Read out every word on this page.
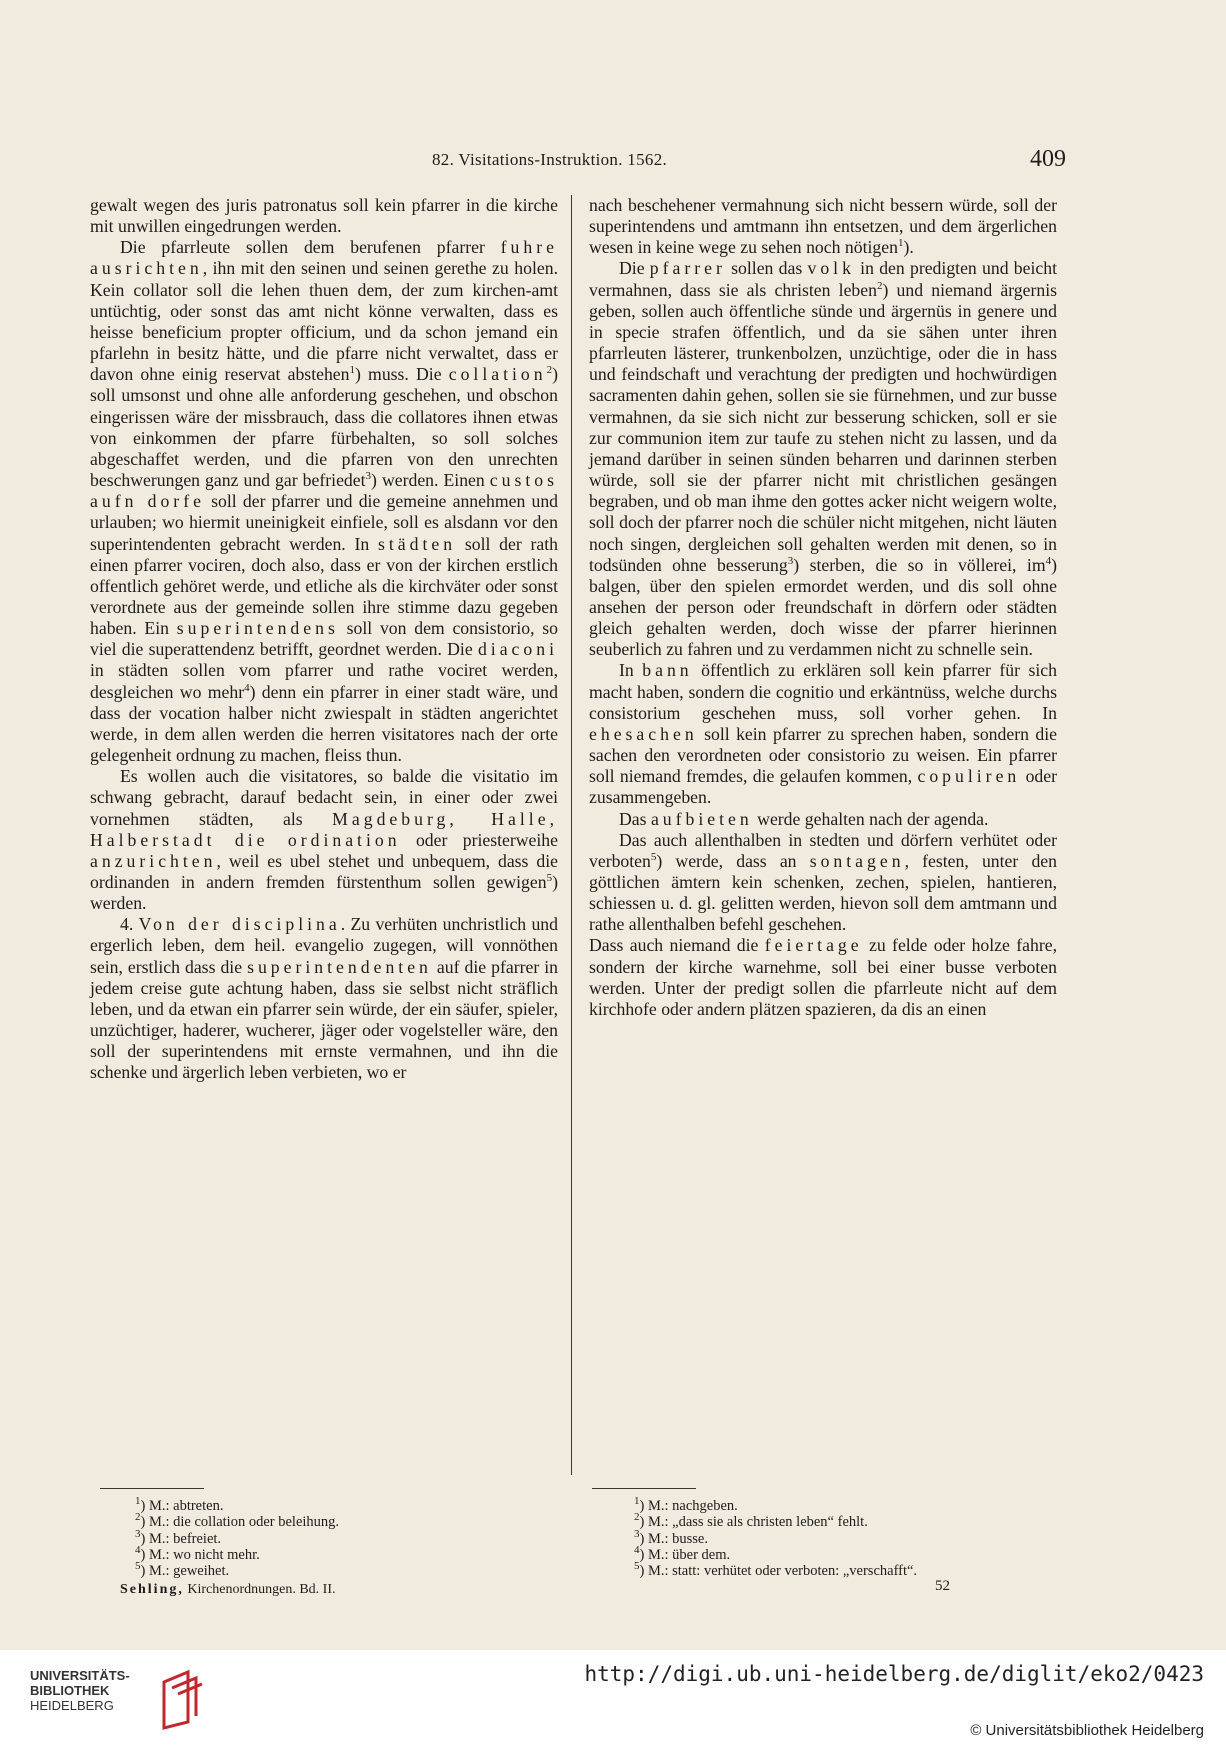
82. Visitations-Instruktion. 1562.	409

gewalt wegen des juris patronatus soll kein pfarrer in die kirche mit unwillen eingedrungen werden.

Die pfarrleute sollen dem berufenen pfarrer fuhre ausrichten, ihn mit den seinen und seinen gerethe zu holen. Kein collator soll die lehen thuen dem, der zum kirchen-amt untüchtig, oder sonst das amt nicht könne verwalten, dass es heisse beneficium propter officium, und da schon jemand ein pfarlehn in besitz hätte, und die pfarre nicht verwaltet, dass er davon ohne einig reservat abstehen$^1$) muss. Die collation$^2$) soll umsonst und ohne alle anforderung geschehen, und obschon eingerissen wäre der missbrauch, dass die collatores ihnen etwas von einkommen der pfarre fürbehalten, so soll solches abgeschaffet werden, und die pfarren von den unrechten beschwerungen ganz und gar befriedet$^3$) werden. Einen custos aufn dorfe soll der pfarrer und die gemeine annehmen und urlauben; wo hiermit uneinigkeit einfiele, soll es alsdann vor den superintendenten gebracht werden. In städten soll der rath einen pfarrer vociren, doch also, dass er von der kirchen erstlich offentlich gehöret werde, und etliche als die kirchväter oder sonst verordnete aus der gemeinde sollen ihre stimme dazu gegeben haben. Ein superintendens soll von dem consistorio, so viel die superattendenz betrifft, geordnet werden. Die diaconi in städten sollen vom pfarrer und rathe vociret werden, desgleichen wo mehr$^4$) denn ein pfarrer in einer stadt wäre, und dass der vocation halber nicht zwiespalt in städten angerichtet werde, in dem allen werden die herren visitatores nach der orte gelegenheit ordnung zu machen, fleiss thun.

Es wollen auch die visitatores, so balde die visitatio im schwang gebracht, darauf bedacht sein, in einer oder zwei vornehmen städten, als Magdeburg, Halle, Halberstadt die ordination oder priesterweihe anzurichten, weil es ubel stehet und unbequem, dass die ordinanden in andern fremden fürstenthum sollen gewigen$^5$) werden.

4. Von der disciplina. Zu verhüten unchristlich und ergerlich leben, dem heil. evangelio zugegen, will vonnöthen sein, erstlich dass die superintendenten auf die pfarrer in jedem creise gute achtung haben, dass sie selbst nicht sträflich leben, und da etwan ein pfarrer sein würde, der ein säufer, spieler, unzüchtiger, haderer, wucherer, jäger oder vogelsteller wäre, den soll der superintendens mit ernste vermahnen, und ihn die schenke und ärgerlich leben verbieten, wo er

nach beschehener vermahnung sich nicht bessern würde, soll der superintendens und amtmann ihn entsetzen, und dem ärgerlichen wesen in keine wege zu sehen noch nötigen$^1$).

Die pfarrer sollen das volk in den predigten und beicht vermahnen, dass sie als christen leben$^2$) und niemand ärgernis geben, sollen auch öffentliche sünde und ärgernüs in genere und in specie strafen öffentlich, und da sie sähen unter ihren pfarrleuten lästerer, trunkenbolzen, unzüchtige, oder die in hass und feindschaft und verachtung der predigten und hochwürdigen sacramenten dahin gehen, sollen sie sie fürnehmen, und zur busse vermahnen, da sie sich nicht zur besserung schicken, soll er sie zur communion item zur taufe zu stehen nicht zu lassen, und da jemand darüber in seinen sünden beharren und darinnen sterben würde, soll sie der pfarrer nicht mit christlichen gesängen begraben, und ob man ihme den gottes acker nicht weigern wolte, soll doch der pfarrer noch die schüler nicht mitgehen, nicht läuten noch singen, dergleichen soll gehalten werden mit denen, so in todsünden ohne besserung$^3$) sterben, die so in völlerei, $im^4$) balgen, über den spielen ermordet werden, und dis soll ohne ansehen der person oder freundschaft in dörfern oder städten gleich gehalten werden, doch wisse der pfarrer hierinnen seuberlich zu fahren und zu verdammen nicht zu schnelle sein.

In bann öffentlich zu erklären soll kein pfarrer für sich macht haben, sondern die cognitio und erkäntnüss, welche durchs consistorium geschehen muss, soll vorher gehen. In ehesachen soll kein pfarrer zu sprechen haben, sondern die sachen den verordneten oder consistorio zu weisen. Ein pfarrer soll niemand fremdes, die gelaufen kommen, copuliren oder zusammengeben.

Das aufbieten werde gehalten nach der agenda.

Das auch allenthalben in stedten und dörfern verhütet oder verboten$^5$) werde, dass an sontagen, festen, unter den göttlichen ämtern kein schenken, zechen, spielen, hantieren, schiessen u. d. gl. gelitten werden, hievon soll dem amtmann und rathe allenthalben befehl geschehen.

Dass auch niemand die feiertage zu felde oder holze fahre, sondern der kirche warnehme, soll bei einer busse verboten werden. Unter der predigt sollen die pfarrleute nicht auf dem kirchhofe oder andern plätzen spazieren, da dis an einen

$^1$) M.: abtreten.
$^2$) M.: die collation oder beleihung.
$^3$) M.: befreiet.
$^4$) M.: wo nicht mehr.
$^5$) M.: geweihet.
$^1$) M.: nachgeben.
$^2$) M.: „dass sie als christen leben“ fehlt.
$^3$) M.: busse.
$^4$) M.: über dem.
$^5$) M.: statt: verhütet oder verboten: „verschafft“.
Sehling, Kirchenordnungen. Bd. II.	52
UNIVERSITÄTS-
BIBLIOTHEK
HEIDELBERG
http://digi.ub.uni-heidelberg.de/diglit/eko2/0423
© Universitätsbibliothek Heidelberg
